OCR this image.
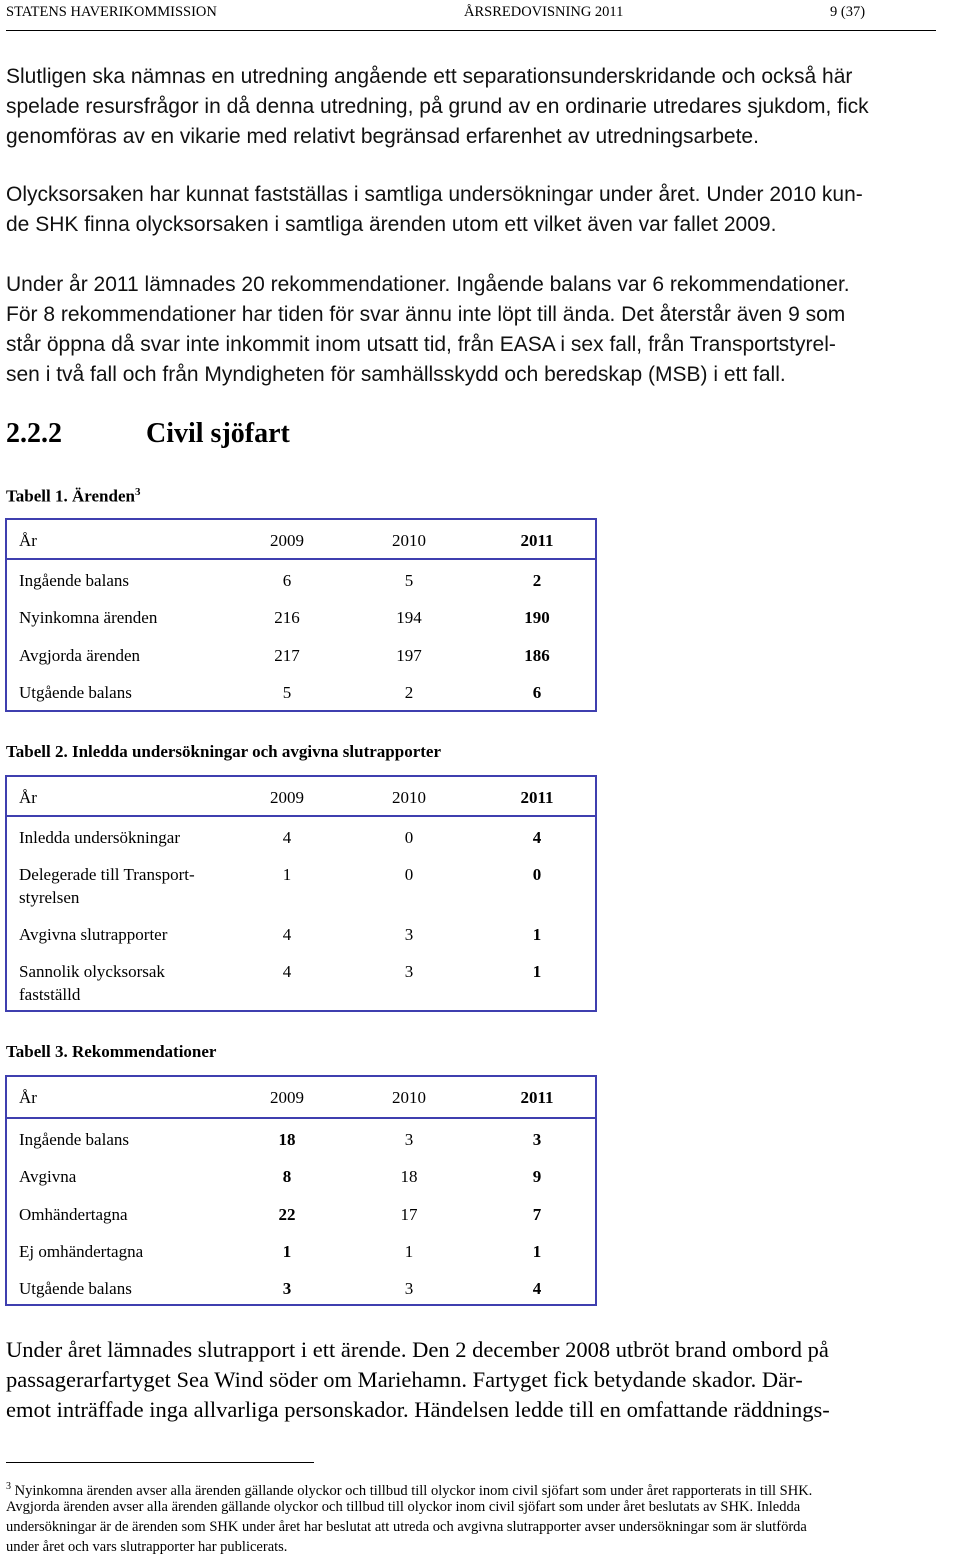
STATENS HAVERIKOMMISSION	ÅRSREDOVISNING 2011	9 (37)
Slutligen ska nämnas en utredning angående ett separationsunderskridande och också här
spelade resursfrågor in då denna utredning, på grund av en ordinarie utredares sjukdom, fick
genomföras av en vikarie med relativt begränsad erfarenhet av utredningsarbete.
Olycksorsaken har kunnat fastställas i samtliga undersökningar under året. Under 2010 kun-
de SHK finna olycksorsaken i samtliga ärenden utom ett vilket även var fallet 2009.
Under år 2011 lämnades 20 rekommendationer. Ingående balans var 6 rekommendationer.
För 8 rekommendationer har tiden för svar ännu inte löpt till ända. Det återstår även 9 som
står öppna då svar inte inkommit inom utsatt tid, från EASA i sex fall, från Transportstyrel-
sen i två fall och från Myndigheten för samhällsskydd och beredskap (MSB) i ett fall.
2.2.2	Civil sjöfart
Tabell 1. Ärenden$^3$
År	2009	2010	2011
Ingående balans	6	5	2
Nyinkomna ärenden	216	194	190
Avgjorda ärenden	217	197	186
Utgående balans	5	2	6
Tabell 2. Inledda undersökningar och avgivna slutrapporter
År	2009	2010	2011
Inledda undersökningar	4	0	4
Delegerade till Transport-
styrelsen
1	0	0
Avgivna slutrapporter	4	3	1
Sannolik olycksorsak
fastställd
4	3	1
Tabell 3. Rekommendationer
År	2009	2010	2011
Ingående balans	18	3	3
Avgivna	8	18	9
Omhändertagna	22	17	7
Ej omhändertagna	1	1	1
Utgående balans	3	3	4
Under året lämnades slutrapport i ett ärende. Den 2 december 2008 utbröt brand ombord på
passagerarfartyget Sea Wind söder om Mariehamn. Fartyget fick betydande skador. Där-
emot inträffade inga allvarliga personskador. Händelsen ledde till en omfattande räddnings-
$^3$ Nyinkomna ärenden avser alla ärenden gällande olyckor och tillbud till olyckor inom civil sjöfart som under året rapporterats in till SHK.
Avgjorda ärenden avser alla ärenden gällande olyckor och tillbud till olyckor inom civil sjöfart som under året beslutats av SHK. Inledda
undersökningar är de ärenden som SHK under året har beslutat att utreda och avgivna slutrapporter avser undersökningar som är slutförda
under året och vars slutrapporter har publicerats.
